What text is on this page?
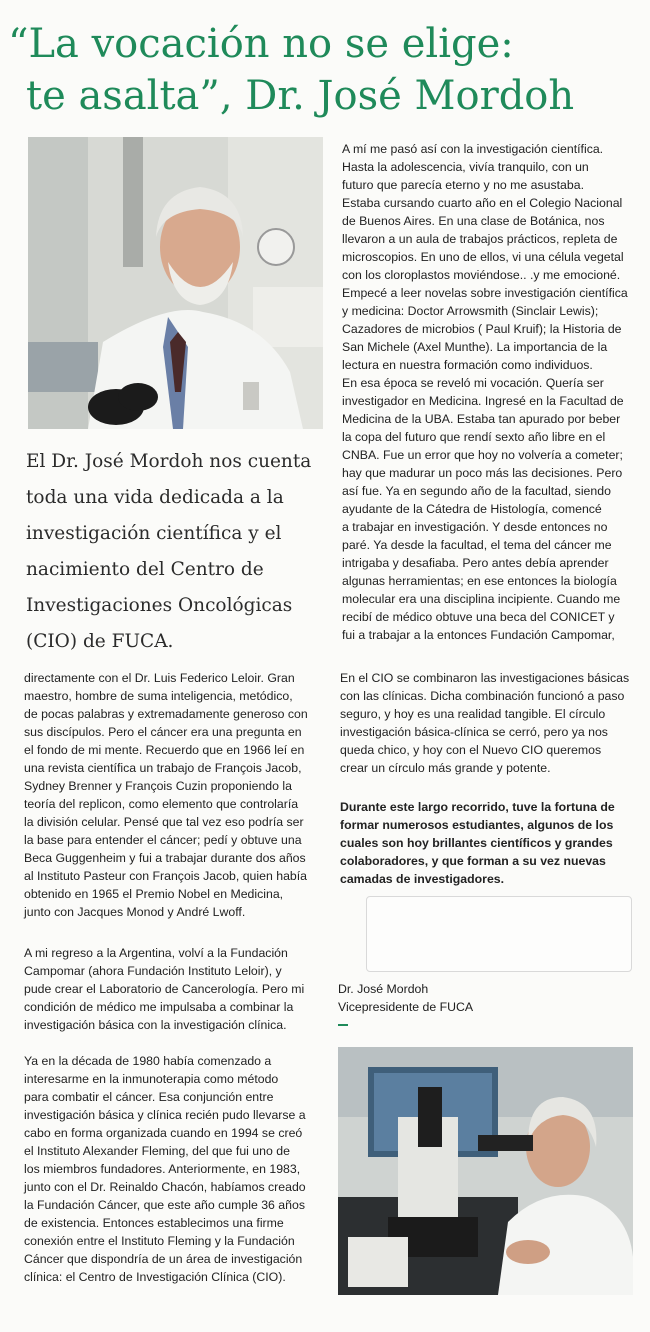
“La vocación no se elige:
te asalta”, Dr. José Mordoh
El Dr. José Mordoh nos cuenta
toda una vida dedicada a la
investigación científica y el
nacimiento del Centro de
Investigaciones Oncológicas
(CIO) de FUCA.
A mí me pasó así con la investigación científica.
Hasta la adolescencia, vivía tranquilo, con un
futuro que parecía eterno y no me asustaba.
Estaba cursando cuarto año en el Colegio Nacional
de Buenos Aires. En una clase de Botánica, nos
llevaron a un aula de trabajos prácticos, repleta de
microscopios. En uno de ellos, vi una célula vegetal
con los cloroplastos moviéndose.. .y me emocioné.
Empecé a leer novelas sobre investigación científica
y medicina: Doctor Arrowsmith (Sinclair Lewis);
Cazadores de microbios ( Paul Kruif); la Historia de
San Michele (Axel Munthe). La importancia de la
lectura en nuestra formación como individuos.
En esa época se reveló mi vocación. Quería ser
investigador en Medicina. Ingresé en la Facultad de
Medicina de la UBA. Estaba tan apurado por beber
la copa del futuro que rendí sexto año libre en el
CNBA. Fue un error que hoy no volvería a cometer;
hay que madurar un poco más las decisiones. Pero
así fue. Ya en segundo año de la facultad, siendo
ayudante de la Cátedra de Histología, comencé
a trabajar en investigación. Y desde entonces no
paré. Ya desde la facultad, el tema del cáncer me
intrigaba y desafiaba. Pero antes debía aprender
algunas herramientas; en ese entonces la biología
molecular era una disciplina incipiente. Cuando me
recibí de médico obtuve una beca del CONICET y
fui a trabajar a la entonces Fundación Campomar,
En el CIO se combinaron las investigaciones básicas
con las clínicas. Dicha combinación funcionó a paso
seguro, y hoy es una realidad tangible. El círculo
investigación básica-clínica se cerró, pero ya nos
queda chico, y hoy con el Nuevo CIO queremos
crear un círculo más grande y potente.
Durante este largo recorrido, tuve la fortuna de
formar numerosos estudiantes, algunos de los
cuales son hoy brillantes científicos y grandes
colaboradores, y que forman a su vez nuevas
camadas de investigadores.
Dr. José Mordoh
Vicepresidente de FUCA
directamente con el Dr. Luis Federico Leloir. Gran
maestro, hombre de suma inteligencia, metódico,
de pocas palabras y extremadamente generoso con
sus discípulos. Pero el cáncer era una pregunta en
el fondo de mi mente. Recuerdo que en 1966 leí en
una revista científica un trabajo de François Jacob,
Sydney Brenner y François Cuzin proponiendo la
teoría del replicon, como elemento que controlaría
la división celular. Pensé que tal vez eso podría ser
la base para entender el cáncer; pedí y obtuve una
Beca Guggenheim y fui a trabajar durante dos años
al Instituto Pasteur con François Jacob, quien había
obtenido en 1965 el Premio Nobel en Medicina,
junto con Jacques Monod y André Lwoff.
A mi regreso a la Argentina, volví a la Fundación
Campomar (ahora Fundación Instituto Leloir), y
pude crear el Laboratorio de Cancerología. Pero mi
condición de médico me impulsaba a combinar la
investigación básica con la investigación clínica.
Ya en la década de 1980 había comenzado a
interesarme en la inmunoterapia como método
para combatir el cáncer. Esa conjunción entre
investigación básica y clínica recién pudo llevarse a
cabo en forma organizada cuando en 1994 se creó
el Instituto Alexander Fleming, del que fui uno de
los miembros fundadores. Anteriormente, en 1983,
junto con el Dr. Reinaldo Chacón, habíamos creado
la Fundación Cáncer, que este año cumple 36 años
de existencia. Entonces establecimos una firme
conexión entre el Instituto Fleming y la Fundación
Cáncer que dispondría de un área de investigación
clínica: el Centro de Investigación Clínica (CIO).
